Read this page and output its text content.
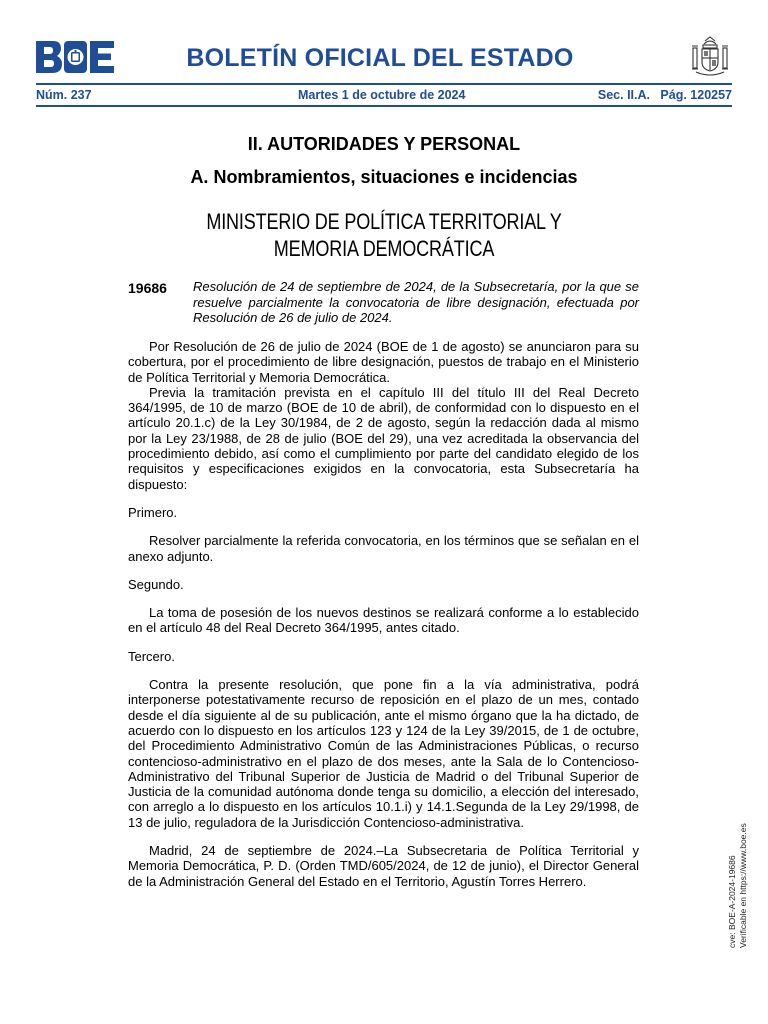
BOLETÍN OFICIAL DEL ESTADO
Núm. 237	Martes 1 de octubre de 2024	Sec. II.A.   Pág. 120257
II. AUTORIDADES Y PERSONAL
A. Nombramientos, situaciones e incidencias
MINISTERIO DE POLÍTICA TERRITORIAL Y MEMORIA DEMOCRÁTICA
19686 Resolución de 24 de septiembre de 2024, de la Subsecretaría, por la que se resuelve parcialmente la convocatoria de libre designación, efectuada por Resolución de 26 de julio de 2024.

Por Resolución de 26 de julio de 2024 (BOE de 1 de agosto) se anunciaron para su cobertura, por el procedimiento de libre designación, puestos de trabajo en el Ministerio de Política Territorial y Memoria Democrática.

Previa la tramitación prevista en el capítulo III del título III del Real Decreto 364/1995, de 10 de marzo (BOE de 10 de abril), de conformidad con lo dispuesto en el artículo 20.1.c) de la Ley 30/1984, de 2 de agosto, según la redacción dada al mismo por la Ley 23/1988, de 28 de julio (BOE del 29), una vez acreditada la observancia del procedimiento debido, así como el cumplimiento por parte del candidato elegido de los requisitos y especificaciones exigidos en la convocatoria, esta Subsecretaría ha dispuesto:

Primero.

Resolver parcialmente la referida convocatoria, en los términos que se señalan en el anexo adjunto.

Segundo.

La toma de posesión de los nuevos destinos se realizará conforme a lo establecido en el artículo 48 del Real Decreto 364/1995, antes citado.

Tercero.

Contra la presente resolución, que pone fin a la vía administrativa, podrá interponerse potestativamente recurso de reposición en el plazo de un mes, contado desde el día siguiente al de su publicación, ante el mismo órgano que la ha dictado, de acuerdo con lo dispuesto en los artículos 123 y 124 de la Ley 39/2015, de 1 de octubre, del Procedimiento Administrativo Común de las Administraciones Públicas, o recurso contencioso-administrativo en el plazo de dos meses, ante la Sala de lo Contencioso-Administrativo del Tribunal Superior de Justicia de Madrid o del Tribunal Superior de Justicia de la comunidad autónoma donde tenga su domicilio, a elección del interesado, con arreglo a lo dispuesto en los artículos 10.1.i) y 14.1.Segunda de la Ley 29/1998, de 13 de julio, reguladora de la Jurisdicción Contencioso-administrativa.

Madrid, 24 de septiembre de 2024.–La Subsecretaria de Política Territorial y Memoria Democrática, P. D. (Orden TMD/605/2024, de 12 de junio), el Director General de la Administración General del Estado en el Territorio, Agustín Torres Herrero.	cve: BOE-A-2024-19686 Verificable en https://www.boe.es
